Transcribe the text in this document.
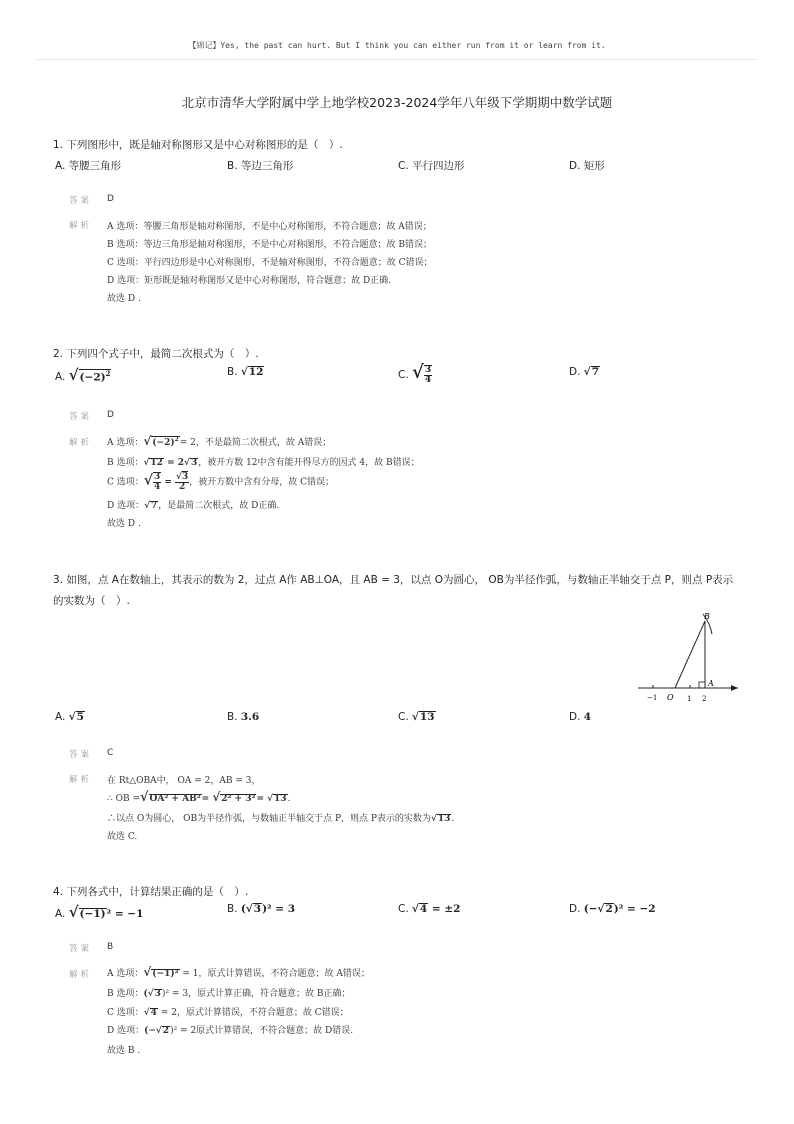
【锦记】Yes, the past can hurt. But I think you can either run from it or learn from it.
北京市清华大学附属中学上地学校2023-2024学年八年级下学期期中数学试题
1. 下列图形中，既是轴对称图形又是中心对称图形的是（　）.
A. 等腰三角形	B. 等边三角形	C. 平行四边形	D. 矩形
答案 D
解析 A 选项：等腰三角形是轴对称图形，不是中心对称图形，不符合题意；故 A错误；
B 选项：等边三角形是轴对称图形，不是中心对称图形，不符合题意；故 B错误；
C 选项：平行四边形是中心对称图形，不是轴对称图形，不符合题意；故 C错误；
D 选项：矩形既是轴对称图形又是中心对称图形，符合题意；故 D正确.
故选 D .
2. 下列四个式子中，最简二次根式为（　）.
A. $√(-2)^2$	B. √12	C. √ $\frac{3}{4}$	D. √7
答案 D
解析 A 选项：$√(-2)^2= 2$，不是最简二次根式，故 A错误；
B 选项：√12 = 2√3，被开方数 12中含有能开得尽方的因式 4，故 B错误；
C 选项：√ $\frac{3}{4} = \frac{√3}{2}$ ，被开方数中含有分母，故 C错误；
D 选项：√7，是最简二次根式，故 D正确.
故选 D .
3. 如图，点 A在数轴上，其表示的数为 2，过点 A作 AB⊥OA，且 AB = 3，以点 O为圆心， OB为半径作弧，与数轴正半轴交于点 P，则点 P表示
的实数为（　）.
B
A
O
−1	1 2
A. √5	B. 3.6	C. √13	D. 4
答案 C
解析 在 Rt△OBA中， OA = 2，AB = 3，
∴ OB =√OA² + AB²= √2² + 3²= √13.
∴以点 O为圆心， OB为半径作弧，与数轴正半轴交于点 P，则点 P表示的实数为√13.
故选 C.
4. 下列各式中，计算结果正确的是（　）.
A. √(−1)² = −1	B. (√3)² = 3	C. √4 = ±2	D. (−√2)² = −2
答案 B
解析 A 选项：√(−1)² = 1，原式计算错误，不符合题意；故 A错误；
B 选项：(√3)² = 3，原式计算正确，符合题意；故 B正确；
C 选项：√4 = 2，原式计算错误，不符合题意；故 C错误；
D 选项：(−√2)² = 2原式计算错误，不符合题意；故 D错误.
故选 B .
